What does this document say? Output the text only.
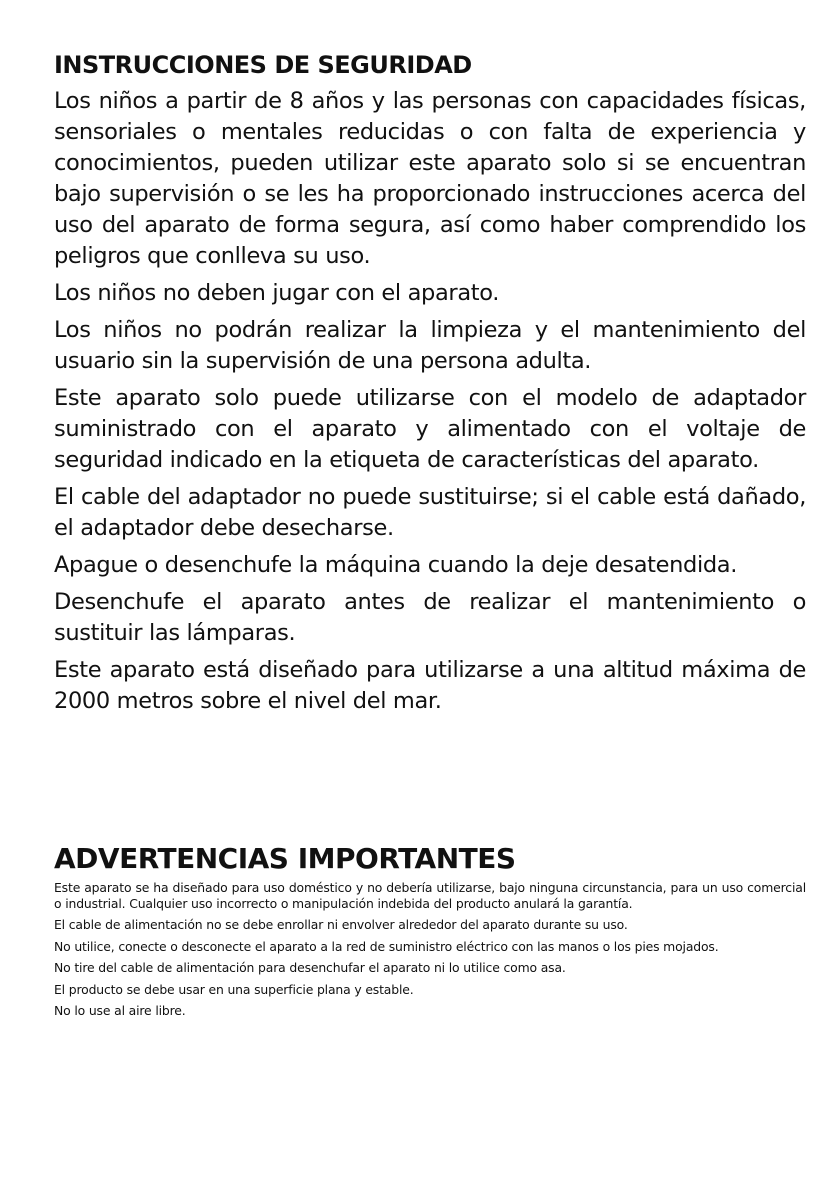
INSTRUCCIONES DE SEGURIDAD

Los niños a partir de 8 años y las personas con capacidades físicas, sensoriales o mentales reducidas o con falta de experiencia y conocimientos, pueden utilizar este aparato solo si se encuentran bajo supervisión o se les ha proporcionado instrucciones acerca del uso del aparato de forma segura, así como haber comprendido los peligros que conlleva su uso.

Los niños no deben jugar con el aparato.

Los niños no podrán realizar la limpieza y el mantenimiento del usuario sin la supervisión de una persona adulta.

Este aparato solo puede utilizarse con el modelo de adaptador suministrado con el aparato y alimentado con el voltaje de seguridad indicado en la etiqueta de características del aparato.

El cable del adaptador no puede sustituirse; si el cable está dañado, el adaptador debe desecharse.

Apague o desenchufe la máquina cuando la deje desatendida.

Desenchufe el aparato antes de realizar el mantenimiento o sustituir las lámparas.

Este aparato está diseñado para utilizarse a una altitud máxima de 2000 metros sobre el nivel del mar.

ADVERTENCIAS IMPORTANTES

Este aparato se ha diseñado para uso doméstico y no debería utilizarse, bajo ninguna circunstancia, para un uso comercial o industrial. Cualquier uso incorrecto o manipulación indebida del producto anulará la garantía.

El cable de alimentación no se debe enrollar ni envolver alrededor del aparato durante su uso.

No utilice, conecte o desconecte el aparato a la red de suministro eléctrico con las manos o los pies mojados.

No tire del cable de alimentación para desenchufar el aparato ni lo utilice como asa.

El producto se debe usar en una superficie plana y estable.

No lo use al aire libre.
